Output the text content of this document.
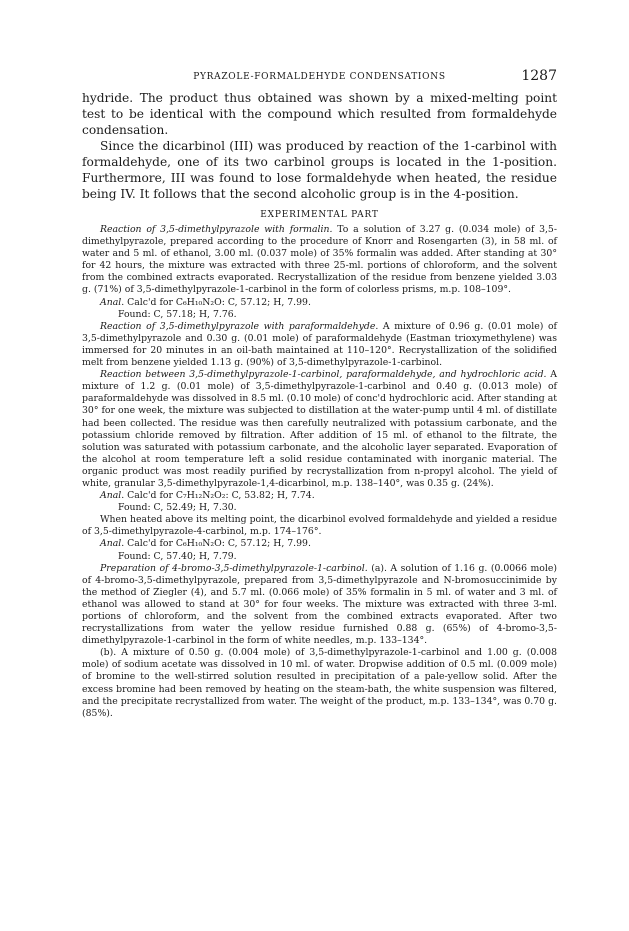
PYRAZOLE-FORMALDEHYDE CONDENSATIONS	1287

hydride. The product thus obtained was shown by a mixed-melting point test to be identical with the compound which resulted from formaldehyde condensation.

Since the dicarbinol (III) was produced by reaction of the 1-carbinol with formaldehyde, one of its two carbinol groups is located in the 1-position. Furthermore, III was found to lose formaldehyde when heated, the residue being IV. It follows that the second alcoholic group is in the 4-position.

EXPERIMENTAL PART

Reaction of 3,5-dimethylpyrazole with formalin. To a solution of 3.27 g. (0.034 mole) of 3,5-dimethylpyrazole, prepared according to the procedure of Knorr and Rosengarten (3), in 58 ml. of water and 5 ml. of ethanol, 3.00 ml. (0.037 mole) of 35% formalin was added. After standing at 30° for 42 hours, the mixture was extracted with three 25-ml. portions of chloroform, and the solvent from the combined extracts evaporated. Recrystallization of the residue from benzene yielded 3.03 g. (71%) of 3,5-dimethylpyrazole-1-carbinol in the form of colorless prisms, m.p. 108–109°.

Anal. Calc'd for C₆H₁₀N₂O: C, 57.12; H, 7.99.

Found: C, 57.18; H, 7.76.

Reaction of 3,5-dimethylpyrazole with paraformaldehyde. A mixture of 0.96 g. (0.01 mole) of 3,5-dimethylpyrazole and 0.30 g. (0.01 mole) of paraformaldehyde (Eastman trioxymethylene) was immersed for 20 minutes in an oil-bath maintained at 110–120°. Recrystallization of the solidified melt from benzene yielded 1.13 g. (90%) of 3,5-dimethylpyrazole-1-carbinol.

Reaction between 3,5-dimethylpyrazole-1-carbinol, paraformaldehyde, and hydrochloric acid. A mixture of 1.2 g. (0.01 mole) of 3,5-dimethylpyrazole-1-carbinol and 0.40 g. (0.013 mole) of paraformaldehyde was dissolved in 8.5 ml. (0.10 mole) of conc'd hydrochloric acid. After standing at 30° for one week, the mixture was subjected to distillation at the water-pump until 4 ml. of distillate had been collected. The residue was then carefully neutralized with potassium carbonate, and the potassium chloride removed by filtration. After addition of 15 ml. of ethanol to the filtrate, the solution was saturated with potassium carbonate, and the alcoholic layer separated. Evaporation of the alcohol at room temperature left a solid residue contaminated with inorganic material. The organic product was most readily purified by recrystallization from n-propyl alcohol. The yield of white, granular 3,5-dimethylpyrazole-1,4-dicarbinol, m.p. 138–140°, was 0.35 g. (24%).

Anal. Calc'd for C₇H₁₂N₂O₂: C, 53.82; H, 7.74.

Found: C, 52.49; H, 7.30.

When heated above its melting point, the dicarbinol evolved formaldehyde and yielded a residue of 3,5-dimethylpyrazole-4-carbinol, m.p. 174–176°.

Anal. Calc'd for C₆H₁₀N₂O: C, 57.12; H, 7.99.

Found: C, 57.40; H, 7.79.

Preparation of 4-bromo-3,5-dimethylpyrazole-1-carbinol. (a). A solution of 1.16 g. (0.0066 mole) of 4-bromo-3,5-dimethylpyrazole, prepared from 3,5-dimethylpyrazole and N-bromosuccinimide by the method of Ziegler (4), and 5.7 ml. (0.066 mole) of 35% formalin in 5 ml. of water and 3 ml. of ethanol was allowed to stand at 30° for four weeks. The mixture was extracted with three 3-ml. portions of chloroform, and the solvent from the combined extracts evaporated. After two recrystallizations from water the yellow residue furnished 0.88 g. (65%) of 4-bromo-3,5-dimethylpyrazole-1-carbinol in the form of white needles, m.p. 133–134°.

(b). A mixture of 0.50 g. (0.004 mole) of 3,5-dimethylpyrazole-1-carbinol and 1.00 g. (0.008 mole) of sodium acetate was dissolved in 10 ml. of water. Dropwise addition of 0.5 ml. (0.009 mole) of bromine to the well-stirred solution resulted in precipitation of a pale-yellow solid. After the excess bromine had been removed by heating on the steam-bath, the white suspension was filtered, and the precipitate recrystallized from water. The weight of the product, m.p. 133–134°, was 0.70 g. (85%).
